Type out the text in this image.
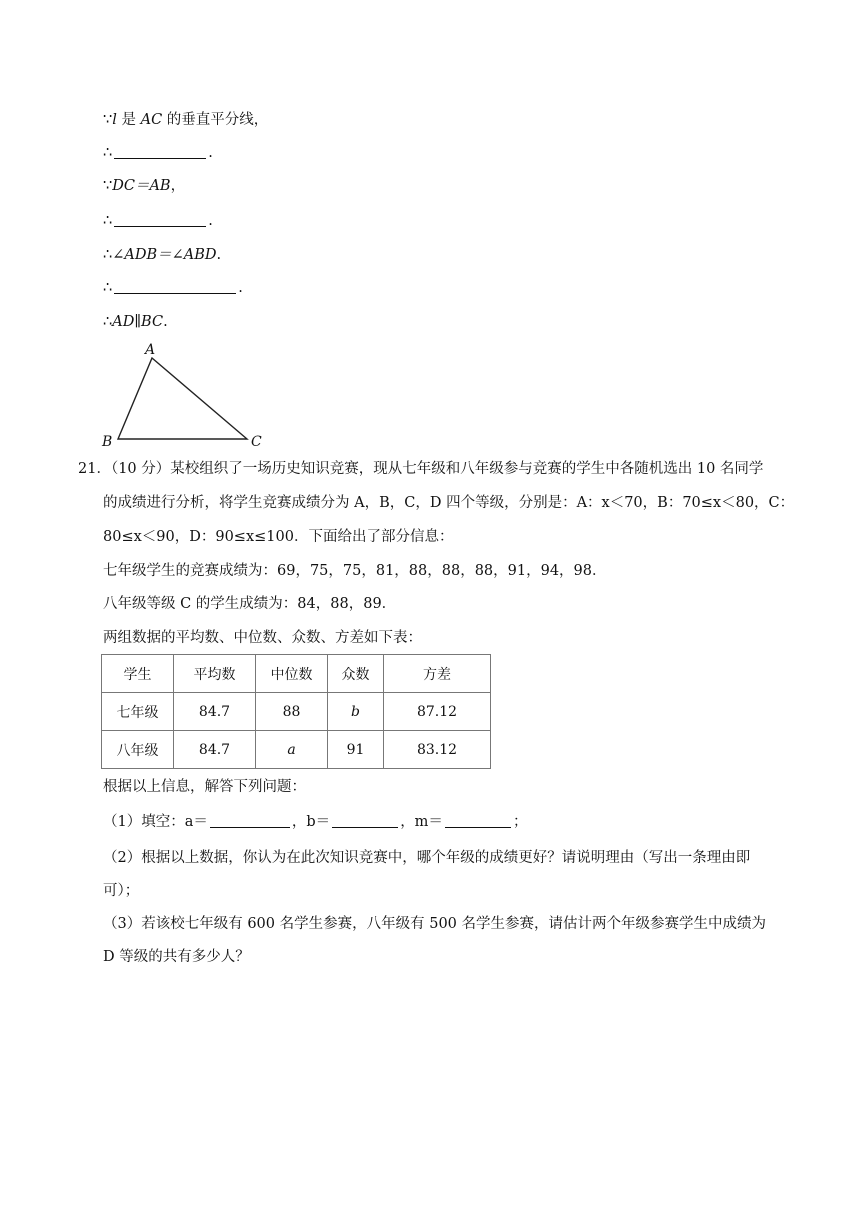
∵l 是 AC 的垂直平分线，
∴	.
∵DC＝AB，
∴	.
∴∠ADB＝∠ABD.
∴	.
∴AD∥BC.
A
B	C
21．（10 分）某校组织了一场历史知识竞赛，现从七年级和八年级参与竞赛的学生中各随机选出 10 名同学
的成绩进行分析，将学生竞赛成绩分为 A，B，C，D 四个等级，分别是：A：x＜70，B：70≤x＜80，C：
80≤x＜90，D：90≤x≤100．下面给出了部分信息：
七年级学生的竞赛成绩为：69，75，75，81，88，88，88，91，94，98．
八年级等级 C 的学生成绩为：84，88，89．
两组数据的平均数、中位数、众数、方差如下表：
学生	平均数	中位数	众数	方差
七年级	84.7	88	b	87.12
八年级	84.7	a	91	83.12
根据以上信息，解答下列问题：
（1）填空：a＝	，b＝	，m＝	；
（2）根据以上数据，你认为在此次知识竞赛中，哪个年级的成绩更好？请说明理由（写出一条理由即
可）；
（3）若该校七年级有 600 名学生参赛，八年级有 500 名学生参赛，请估计两个年级参赛学生中成绩为
D 等级的共有多少人？
